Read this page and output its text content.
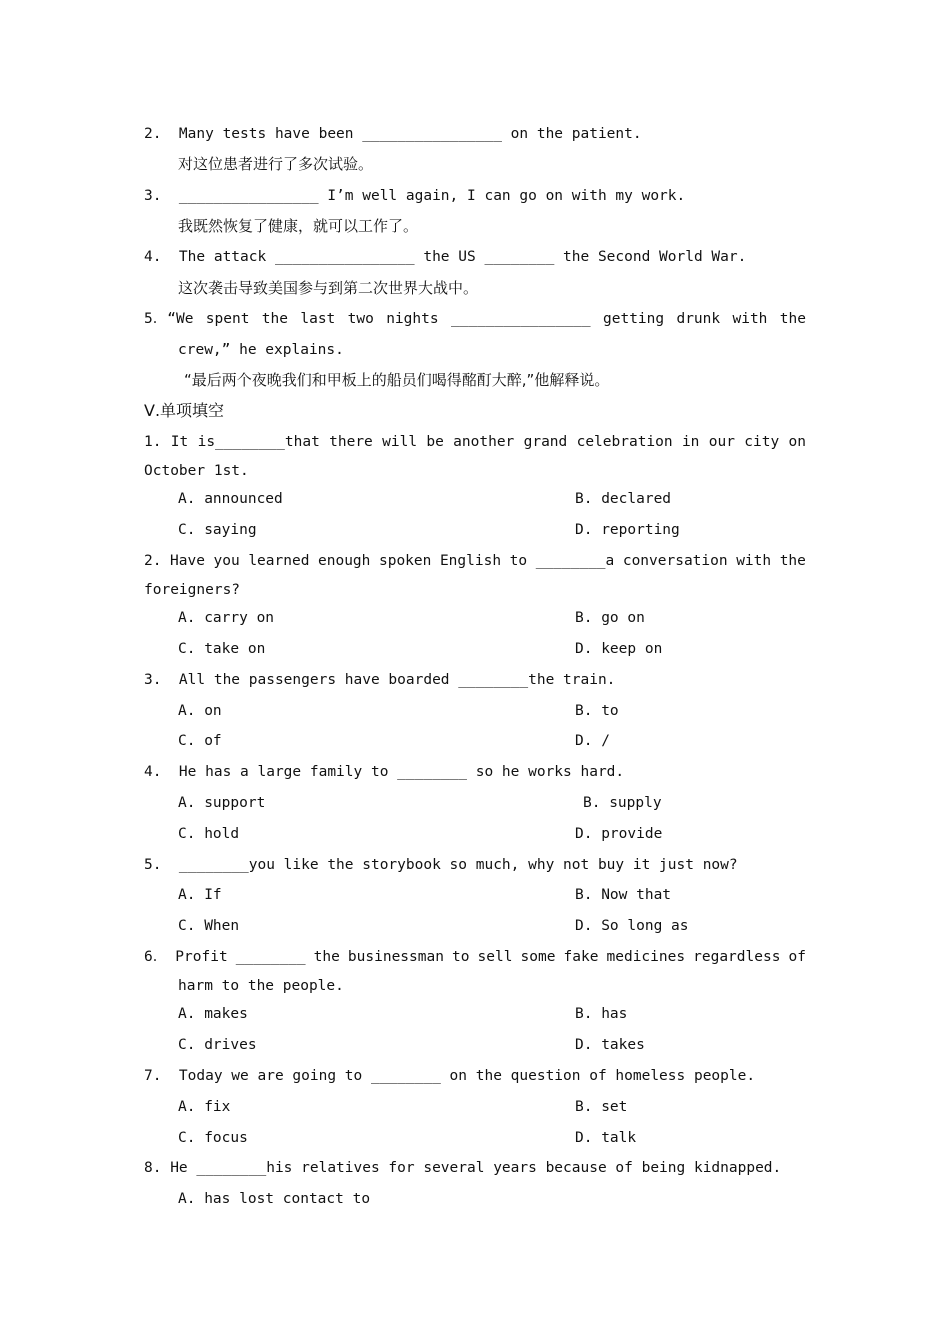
2.  Many tests have been ________________ on the patient.
对这位患者进行了多次试验。
3.  ________________ I’m well again, I can go on with my work.
我既然恢复了健康，就可以工作了。
4.  The attack ________________ the US ________ the Second World War.
这次袭击导致美国参与到第二次世界大战中。
5．“We spent the last two nights ________________ getting drunk with the
crew,” he explains.
“最后两个夜晚我们和甲板上的船员们喝得酩酊大醉,”他解释说。
Ⅴ.单项填空
1. It is________that there will be another grand celebration in our city on
October 1st.
A. announced	B. declared
C. saying	D. reporting
2. Have you learned enough spoken English to ________a conversation with the
foreigners?
A. carry on	B. go on
C. take on	D. keep on
3.  All the passengers have boarded ________the train.
A. on	B. to
C. of	D. /
4.  He has a large family to ________ so he works hard.
A. support	B. supply
C. hold	D. provide
5.  ________you like the storybook so much, why not buy it just now?
A. If	B. Now that
C. When	D. So long as
6． Profit ________ the businessman to sell some fake medicines regardless of
harm to the people.
A. makes	B. has
C. drives	D. takes
7.  Today we are going to ________ on the question of homeless people.
A. fix	B. set
C. focus	D. talk
8. He ________his relatives for several years because of being kidnapped.
A. has lost contact to
